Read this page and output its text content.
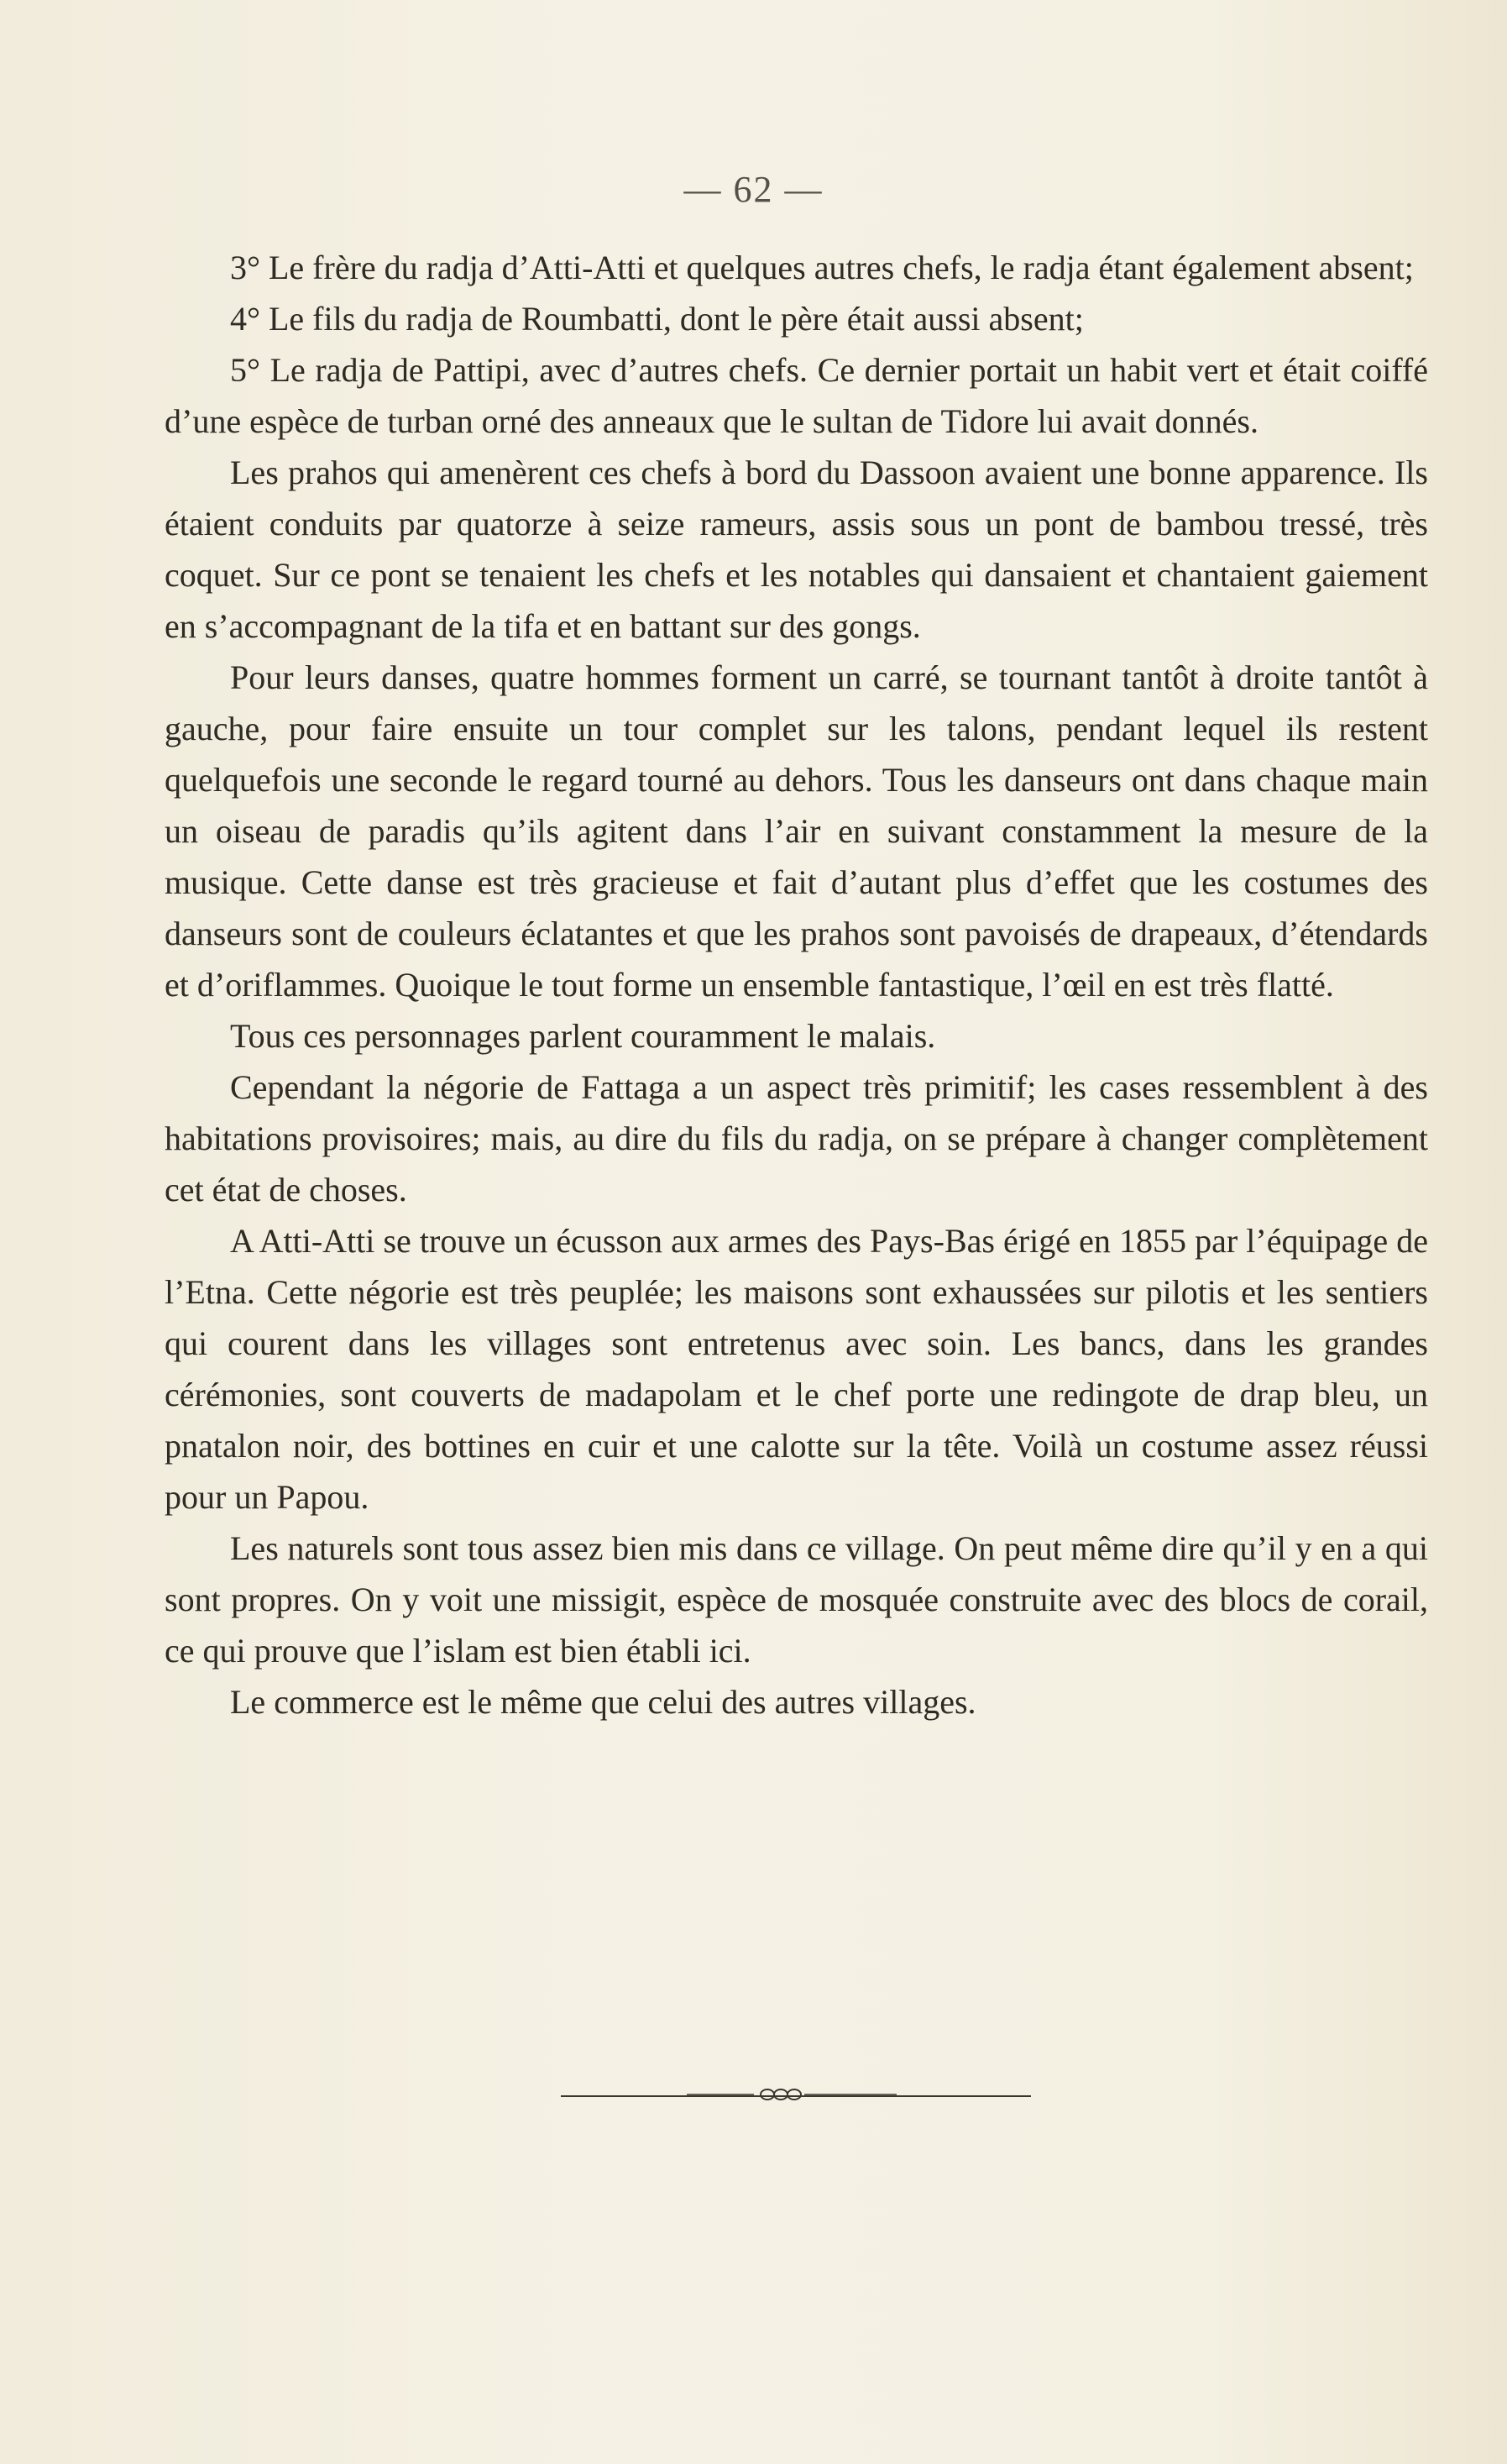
— 62 —

3° Le frère du radja d’Atti-Atti et quelques autres chefs, le radja étant également absent;

4° Le fils du radja de Roumbatti, dont le père était aussi absent;

5° Le radja de Pattipi, avec d’autres chefs. Ce dernier portait un habit vert et était coiffé d’une espèce de turban orné des anneaux que le sultan de Tidore lui avait donnés.

Les prahos qui amenèrent ces chefs à bord du Dassoon avaient une bonne apparence. Ils étaient conduits par quatorze à seize rameurs, assis sous un pont de bambou tressé, très coquet. Sur ce pont se tenaient les chefs et les notables qui dansaient et chantaient gaiement en s’accompagnant de la tifa et en battant sur des gongs.

Pour leurs danses, quatre hommes forment un carré, se tournant tantôt à droite tantôt à gauche, pour faire ensuite un tour complet sur les talons, pendant lequel ils restent quelquefois une seconde le regard tourné au dehors. Tous les danseurs ont dans chaque main un oiseau de paradis qu’ils agitent dans l’air en suivant constamment la mesure de la musique. Cette danse est très gracieuse et fait d’autant plus d’effet que les costumes des danseurs sont de couleurs éclatantes et que les prahos sont pavoisés de drapeaux, d’étendards et d’oriflammes. Quoique le tout forme un ensemble fantastique, l’œil en est très flatté.

Tous ces personnages parlent couramment le malais.

Cependant la négorie de Fattaga a un aspect très primitif; les cases ressemblent à des habitations provisoires; mais, au dire du fils du radja, on se prépare à changer complètement cet état de choses.

A Atti-Atti se trouve un écusson aux armes des Pays-Bas érigé en 1855 par l’équipage de l’Etna. Cette négorie est très peuplée; les maisons sont exhaussées sur pilotis et les sentiers qui courent dans les villages sont entretenus avec soin. Les bancs, dans les grandes cérémonies, sont couverts de madapolam et le chef porte une redingote de drap bleu, un pnatalon noir, des bottines en cuir et une calotte sur la tête. Voilà un costume assez réussi pour un Papou.

Les naturels sont tous assez bien mis dans ce village. On peut même dire qu’il y en a qui sont propres. On y voit une missigit, espèce de mosquée construite avec des blocs de corail, ce qui prouve que l’islam est bien établi ici.

Le commerce est le même que celui des autres villages.
